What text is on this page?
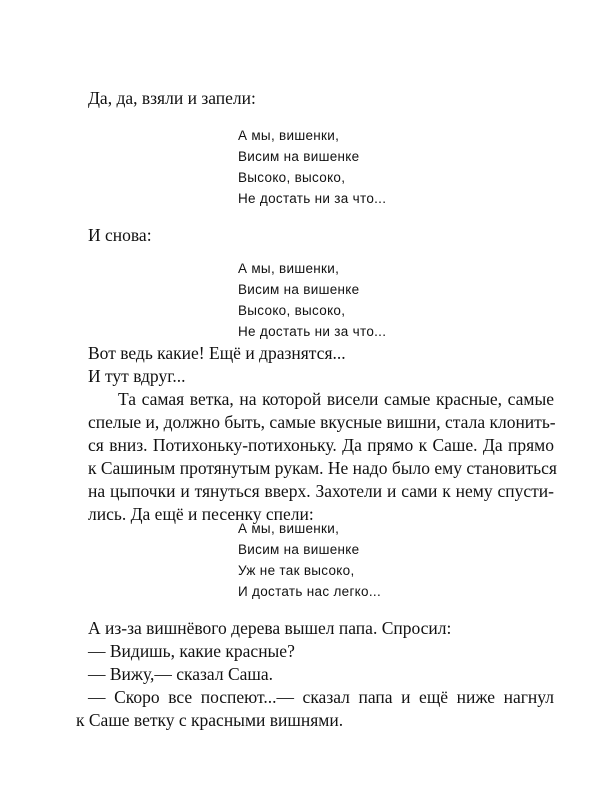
Да, да, взяли и запели:
А мы, вишенки,
Висим на вишенке
Высоко, высоко,
Не достать ни за что...
И снова:
А мы, вишенки,
Висим на вишенке
Высоко, высоко,
Не достать ни за что...
Вот ведь какие! Ещё и дразнятся...
И тут вдруг...
Та самая ветка, на которой висели самые красные, самые
спелые и, должно быть, самые вкусные вишни, стала клонить-
ся вниз. Потихоньку-потихоньку. Да прямо к Саше. Да прямо
к Сашиным протянутым рукам. Не надо было ему становиться
на цыпочки и тянуться вверх. Захотели и сами к нему спусти-
лись. Да ещё и песенку спели:
А мы, вишенки,
Висим на вишенке
Уж не так высоко,
И достать нас легко...
А из-за вишнёвого дерева вышел папа. Спросил:
— Видишь, какие красные?
— Вижу,— сказал Саша.
— Скоро все поспеют...— сказал папа и ещё ниже нагнул
к Саше ветку с красными вишнями.
